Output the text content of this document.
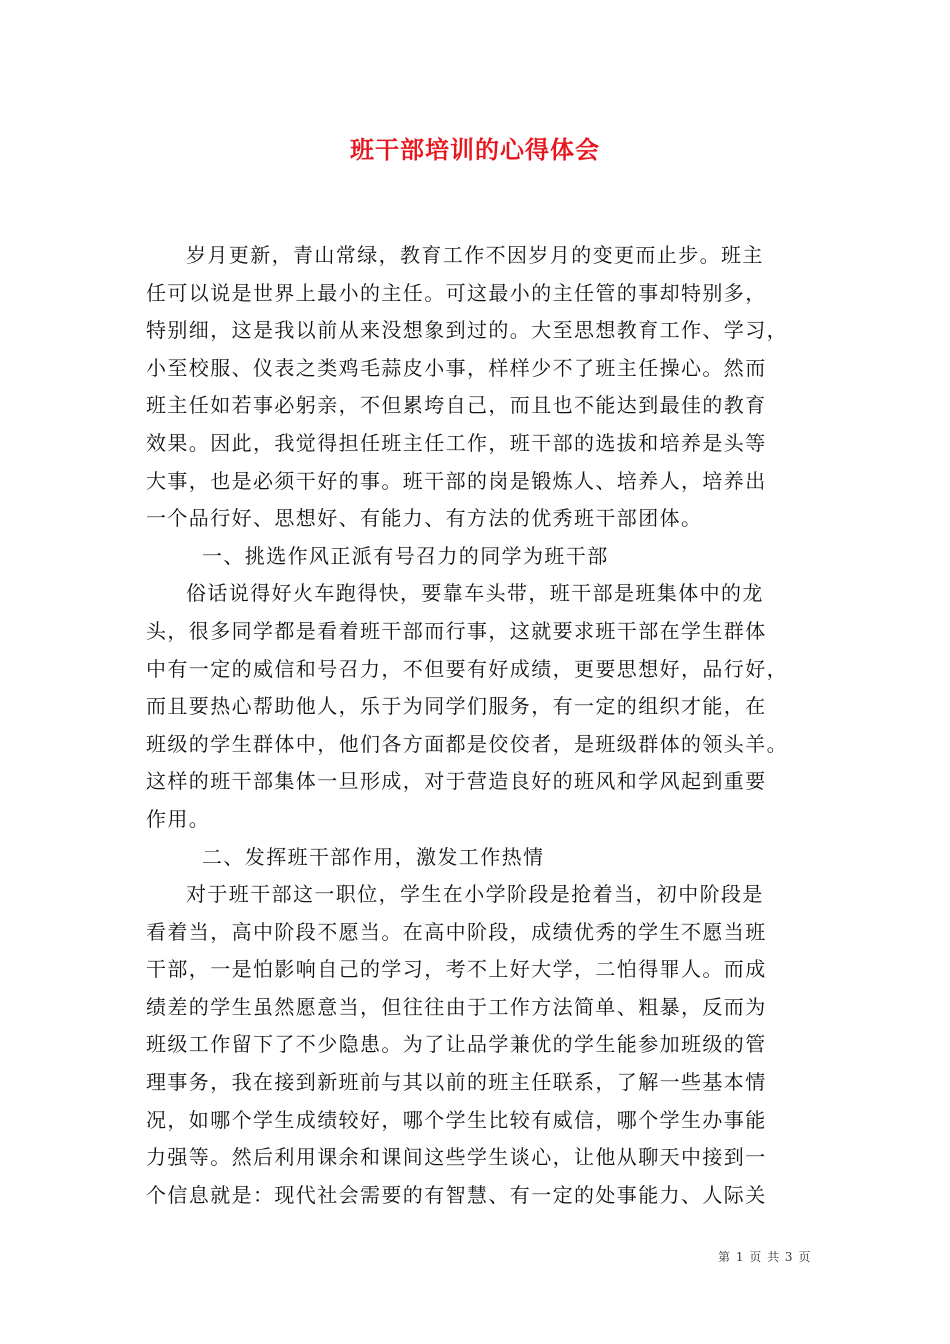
班干部培训的心得体会
岁月更新，青山常绿，教育工作不因岁月的变更而止步。班主
任可以说是世界上最小的主任。可这最小的主任管的事却特别多，
特别细，这是我以前从来没想象到过的。大至思想教育工作、学习，
小至校服、仪表之类鸡毛蒜皮小事，样样少不了班主任操心。然而
班主任如若事必躬亲，不但累垮自己，而且也不能达到最佳的教育
效果。因此，我觉得担任班主任工作，班干部的选拔和培养是头等
大事，也是必须干好的事。班干部的岗是锻炼人、培养人，培养出
一个品行好、思想好、有能力、有方法的优秀班干部团体。
一、挑选作风正派有号召力的同学为班干部
俗话说得好火车跑得快，要靠车头带，班干部是班集体中的龙
头，很多同学都是看着班干部而行事，这就要求班干部在学生群体
中有一定的威信和号召力，不但要有好成绩，更要思想好，品行好，
而且要热心帮助他人，乐于为同学们服务，有一定的组织才能，在
班级的学生群体中，他们各方面都是佼佼者，是班级群体的领头羊。
这样的班干部集体一旦形成，对于营造良好的班风和学风起到重要
作用。
二、发挥班干部作用，激发工作热情
对于班干部这一职位，学生在小学阶段是抢着当，初中阶段是
看着当，高中阶段不愿当。在高中阶段，成绩优秀的学生不愿当班
干部，一是怕影响自己的学习，考不上好大学，二怕得罪人。而成
绩差的学生虽然愿意当，但往往由于工作方法简单、粗暴，反而为
班级工作留下了不少隐患。为了让品学兼优的学生能参加班级的管
理事务，我在接到新班前与其以前的班主任联系，了解一些基本情
况，如哪个学生成绩较好，哪个学生比较有威信，哪个学生办事能
力强等。然后利用课余和课间这些学生谈心，让他从聊天中接到一
个信息就是：现代社会需要的有智慧、有一定的处事能力、人际关
第 1 页 共 3 页
